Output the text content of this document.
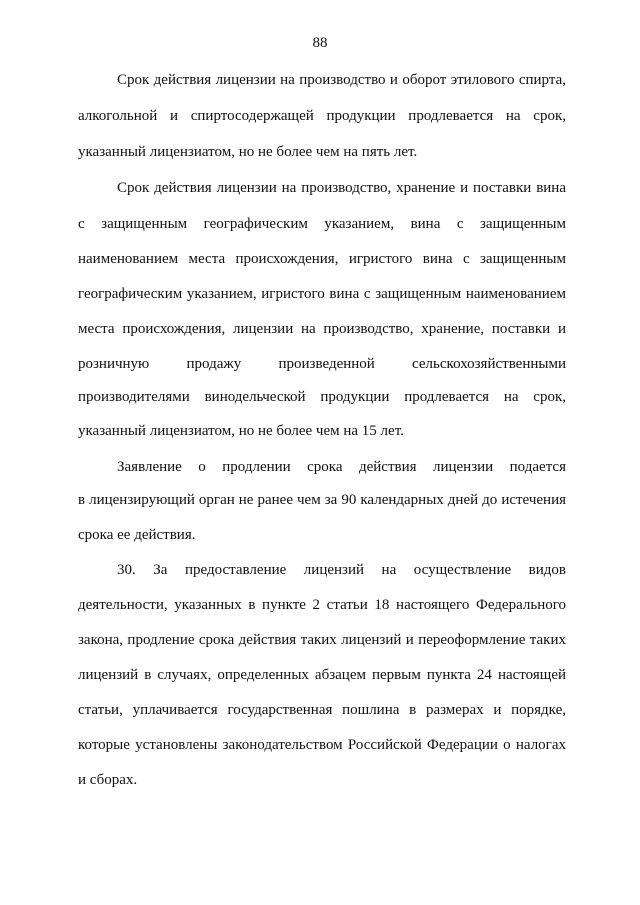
88
Срок действия лицензии на производство и оборот этилового спирта,
алкогольной и спиртосодержащей продукции продлевается на срок,
указанный лицензиатом, но не более чем на пять лет.
Срок действия лицензии на производство, хранение и поставки вина
с защищенным географическим указанием, вина с защищенным
наименованием места происхождения, игристого вина с защищенным
географическим указанием, игристого вина с защищенным наименованием
места происхождения, лицензии на производство, хранение, поставки и
розничную продажу произведенной сельскохозяйственными
производителями винодельческой продукции продлевается на срок,
указанный лицензиатом, но не более чем на 15 лет.
Заявление о продлении срока действия лицензии подается
в лицензирующий орган не ранее чем за 90 календарных дней до истечения
срока ее действия.
30. За предоставление лицензий на осуществление видов
деятельности, указанных в пункте 2 статьи 18 настоящего Федерального
закона, продление срока действия таких лицензий и переоформление таких
лицензий в случаях, определенных абзацем первым пункта 24 настоящей
статьи, уплачивается государственная пошлина в размерах и порядке,
которые установлены законодательством Российской Федерации о налогах
и сборах.
